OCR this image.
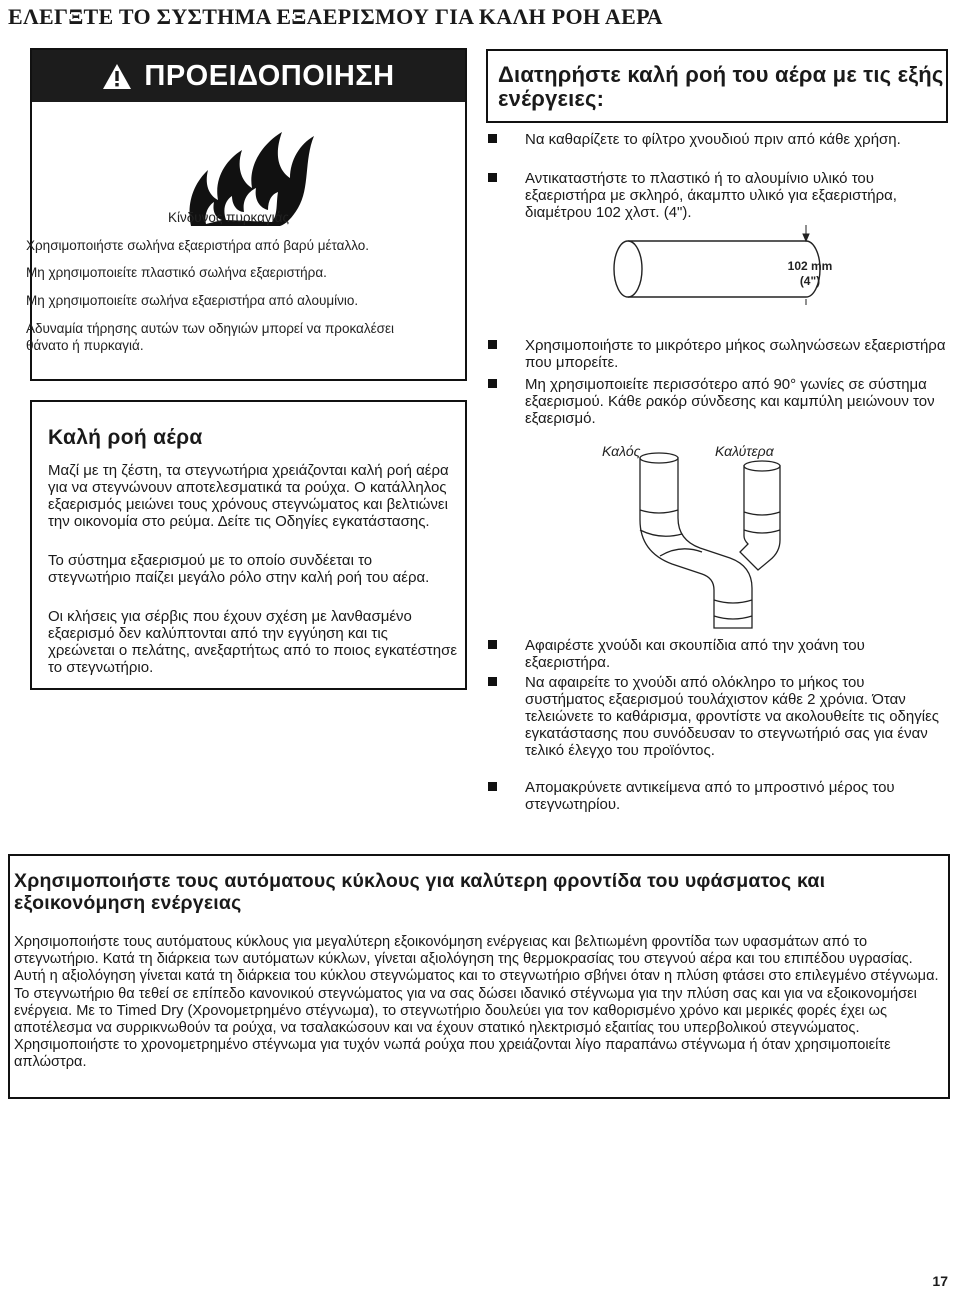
ΕΛΕΓΞΤΕ ΤΟ ΣΥΣΤΗΜΑ ΕΞΑΕΡΙΣΜΟΥ ΓΙΑ ΚΑΛΗ ΡΟΗ ΑΕΡΑ
ΠΡΟΕΙΔΟΠΟΙΗΣΗ

Κίνδυνος πυρκαγιάς

Χρησιμοποιήστε σωλήνα εξαεριστήρα από βαρύ μέταλλο.

Μη χρησιμοποιείτε πλαστικό σωλήνα εξαεριστήρα.

Μη χρησιμοποιείτε σωλήνα εξαεριστήρα από αλουμίνιο.

Αδυναμία τήρησης αυτών των οδηγιών μπορεί να προκαλέσει

θάνατο ή πυρκαγιά.

Καλή ροή αέρα

Μαζί με τη ζέστη, τα στεγνωτήρια χρειάζονται καλή ροή αέρα για να στεγνώνουν αποτελεσματικά τα ρούχα. Ο κατάλληλος εξαερισμός μειώνει τους χρόνους στεγνώματος και βελτιώνει την οικονομία στο ρεύμα. Δείτε τις Οδηγίες εγκατάστασης.

Το σύστημα εξαερισμού με το οποίο συνδέεται το στεγνωτήριο παίζει μεγάλο ρόλο στην καλή ροή του αέρα.

Οι κλήσεις για σέρβις που έχουν σχέση με λανθασμένο εξαερισμό δεν καλύπτονται από την εγγύηση και τις χρεώνεται ο πελάτης, ανεξαρτήτως από το ποιος εγκατέστησε το στεγνωτήριο.

Διατηρήστε καλή ροή του αέρα με τις εξής ενέργειες:

Να καθαρίζετε το φίλτρο χνουδιού πριν από κάθε χρήση.

Αντικαταστήστε το πλαστικό ή το αλουμίνιο υλικό του εξαεριστήρα με σκληρό, άκαμπτο υλικό για εξαεριστήρα, διαμέτρου 102 χλστ. (4").

102 mm
(4")

Χρησιμοποιήστε το μικρότερο μήκος σωληνώσεων εξαεριστήρα που μπορείτε.

Μη χρησιμοποιείτε περισσότερο από 90° γωνίες σε σύστημα εξαερισμού. Κάθε ρακόρ σύνδεσης και καμπύλη μειώνουν τον εξαερισμό.

Καλός	Καλύτερα

Αφαιρέστε χνούδι και σκουπίδια από την χοάνη του εξαεριστήρα.

Να αφαιρείτε το χνούδι από ολόκληρο το μήκος του συστήματος εξαερισμού τουλάχιστον κάθε 2 χρόνια. Όταν τελειώνετε το καθάρισμα, φροντίστε να ακολουθείτε τις οδηγίες εγκατάστασης που συνόδευσαν το στεγνωτήριό σας για έναν τελικό έλεγχο του προϊόντος.

Απομακρύνετε αντικείμενα από το μπροστινό μέρος του στεγνωτηρίου.

Χρησιμοποιήστε τους αυτόματους κύκλους για καλύτερη φροντίδα του υφάσματος και εξοικονόμηση ενέργειας

Χρησιμοποιήστε τους αυτόματους κύκλους για μεγαλύτερη εξοικονόμηση ενέργειας και βελτιωμένη φροντίδα των υφασμάτων από το στεγνωτήριο. Κατά τη διάρκεια των αυτόματων κύκλων, γίνεται αξιολόγηση της θερμοκρασίας του στεγνού αέρα και του επιπέδου υγρασίας. Αυτή η αξιολόγηση γίνεται κατά τη διάρκεια του κύκλου στεγνώματος και το στεγνωτήριο σβήνει όταν η πλύση φτάσει στο επιλεγμένο στέγνωμα. Το στεγνωτήριο θα τεθεί σε επίπεδο κανονικού στεγνώματος για να σας δώσει ιδανικό στέγνωμα για την πλύση σας και για να εξοικονομήσει ενέργεια. Με το Timed Dry (Χρονομετρημένο στέγνωμα), το στεγνωτήριο δουλεύει για τον καθορισμένο χρόνο και μερικές φορές έχει ως αποτέλεσμα να συρρικνωθούν τα ρούχα, να τσαλακώσουν και να έχουν στατικό ηλεκτρισμό εξαιτίας του υπερβολικού στεγνώματος. Χρησιμοποιήστε το χρονομετρημένο στέγνωμα για τυχόν νωπά ρούχα που χρειάζονται λίγο παραπάνω στέγνωμα ή όταν χρησιμοποιείτε απλώστρα.

17
